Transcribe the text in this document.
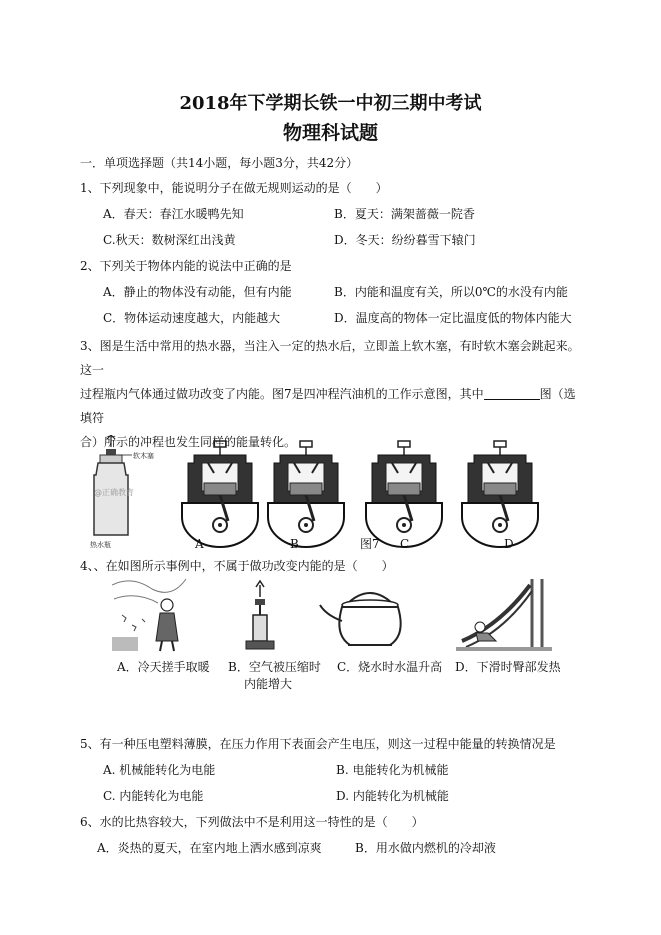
2018年下学期长铁一中初三期中考试
物理科试题
一．单项选择题（共14小题，每小题3分，共42分）
1、下列现象中，能说明分子在做无规则运动的是（　　）
A．春天：春江水暖鸭先知	B．夏天：满架蔷薇一院香
C.秋天：数树深红出浅黄	D．冬天：纷纷暮雪下辕门
2、下列关于物体内能的说法中正确的是
A．静止的物体没有动能，但有内能	B．内能和温度有关，所以0℃的水没有内能
C．物体运动速度越大，内能越大	D．温度高的物体一定比温度低的物体内能大
3、图是生活中常用的热水器，当注入一定的热水后，立即盖上软木塞，有时软木塞会跳起来。这一
过程瓶内气体通过做功改变了内能。图7是四冲程汽油机的工作示意图，其中	图（选填符
合）所示的冲程也发生同样的能量转化。
软木塞
@正确教育
热水瓶	A	B	图7 C	D
4、、在如图所示事例中，不属于做功改变内能的是（　　）
A．冷天搓手取暖 B．空气被压缩时
内能增大
C．烧水时水温升高 D．下滑时臀部发热
5、有一种压电塑料薄膜，在压力作用下表面会产生电压，则这一过程中能量的转换情况是
A. 机械能转化为电能	B. 电能转化为机械能
C. 内能转化为电能	D. 内能转化为机械能
6、水的比热容较大，下列做法中不是利用这一特性的是（　　）
A．炎热的夏天，在室内地上洒水感到凉爽	B．用水做内燃机的冷却液
